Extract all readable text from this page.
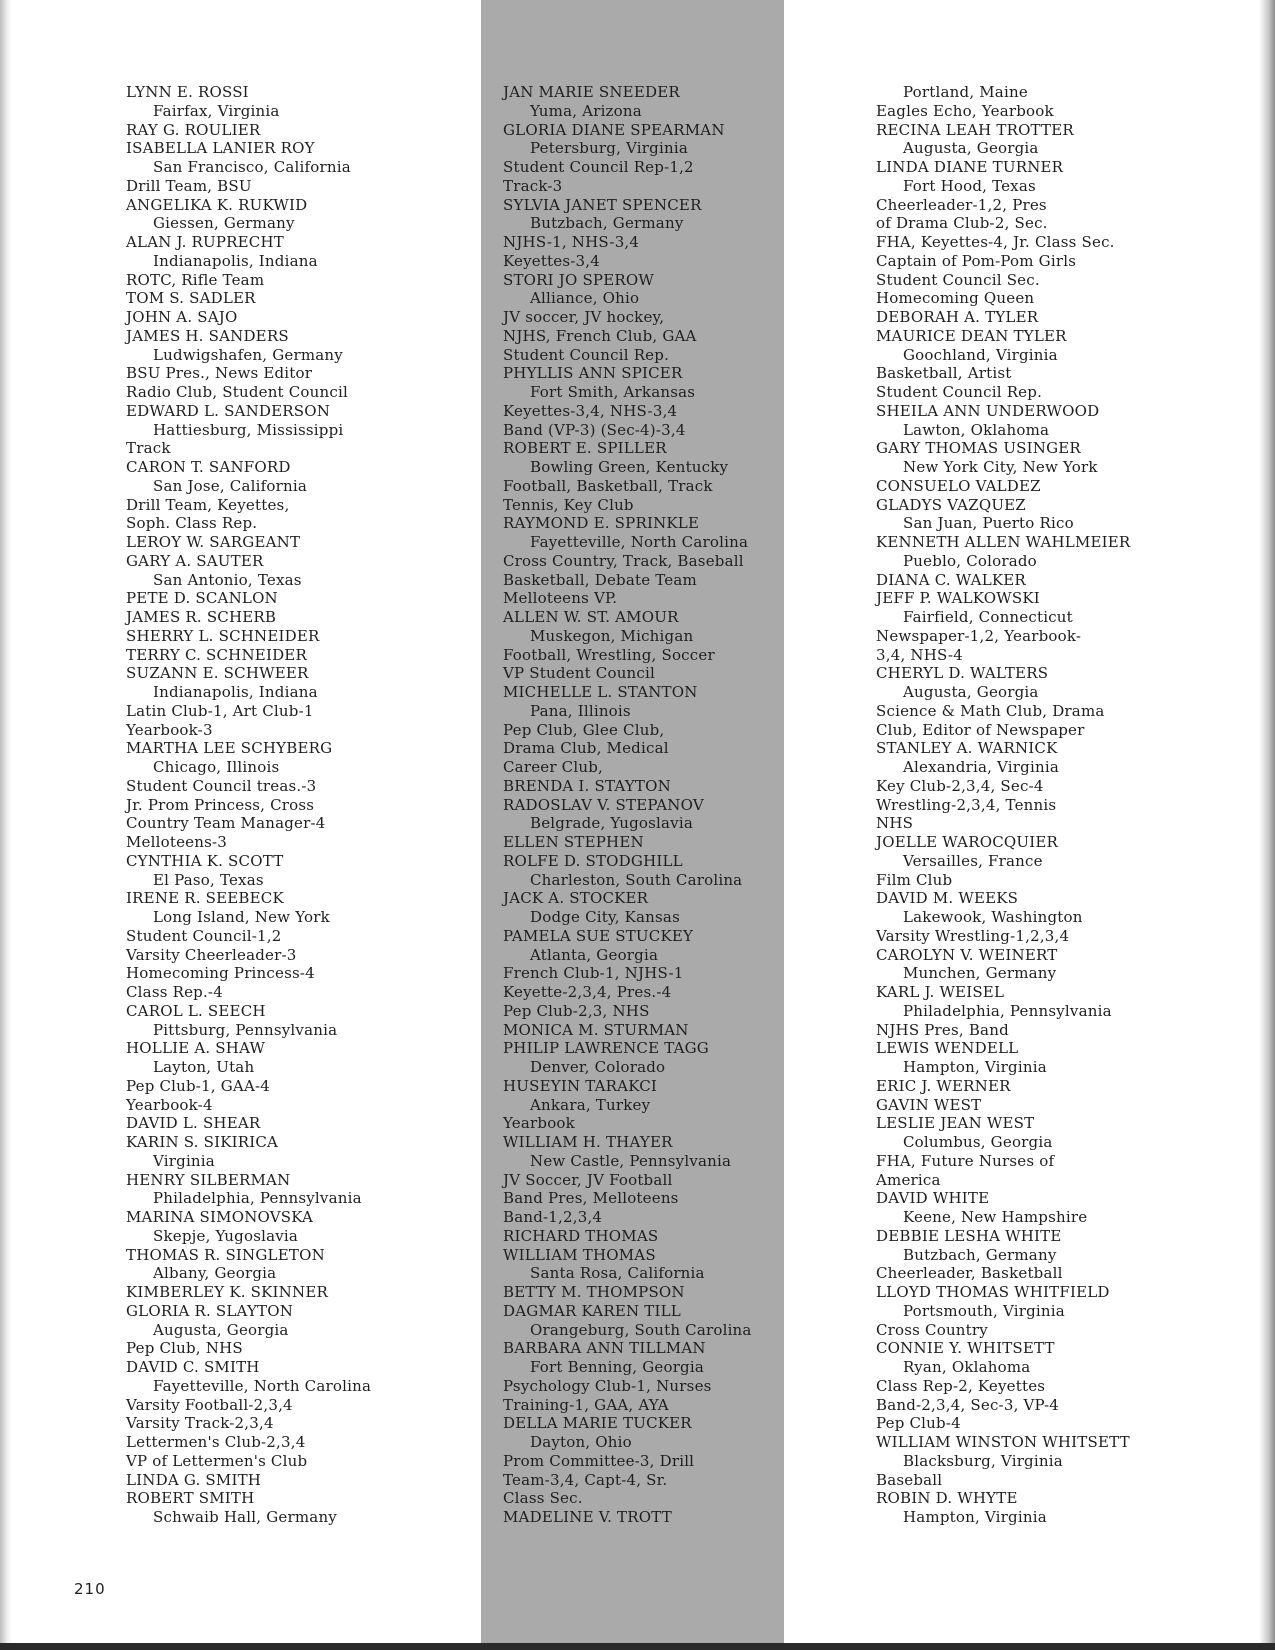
LYNN E. ROSSI
Fairfax, Virginia
RAY G. ROULIER
ISABELLA LANIER ROY
San Francisco, California
Drill Team, BSU
ANGELIKA K. RUKWID
Giessen, Germany
ALAN J. RUPRECHT
Indianapolis, Indiana
ROTC, Rifle Team
TOM S. SADLER
JOHN A. SAJO
JAMES H. SANDERS
Ludwigshafen, Germany
BSU Pres., News Editor
Radio Club, Student Council
EDWARD L. SANDERSON
Hattiesburg, Mississippi
Track
CARON T. SANFORD
San Jose, California
Drill Team, Keyettes,
Soph. Class Rep.
LEROY W. SARGEANT
GARY A. SAUTER
San Antonio, Texas
PETE D. SCANLON
JAMES R. SCHERB
SHERRY L. SCHNEIDER
TERRY C. SCHNEIDER
SUZANN E. SCHWEER
Indianapolis, Indiana
Latin Club-1, Art Club-1
Yearbook-3
MARTHA LEE SCHYBERG
Chicago, Illinois
Student Council treas.-3
Jr. Prom Princess, Cross
Country Team Manager-4
Melloteens-3
CYNTHIA K. SCOTT
El Paso, Texas
IRENE R. SEEBECK
Long Island, New York
Student Council-1,2
Varsity Cheerleader-3
Homecoming Princess-4
Class Rep.-4
CAROL L. SEECH
Pittsburg, Pennsylvania
HOLLIE A. SHAW
Layton, Utah
Pep Club-1, GAA-4
Yearbook-4
DAVID L. SHEAR
KARIN S. SIKIRICA
Virginia
HENRY SILBERMAN
Philadelphia, Pennsylvania
MARINA SIMONOVSKA
Skepje, Yugoslavia
THOMAS R. SINGLETON
Albany, Georgia
KIMBERLEY K. SKINNER
GLORIA R. SLAYTON
Augusta, Georgia
Pep Club, NHS
DAVID C. SMITH
Fayetteville, North Carolina
Varsity Football-2,3,4
Varsity Track-2,3,4
Lettermen's Club-2,3,4
VP of Lettermen's Club
LINDA G. SMITH
ROBERT SMITH
Schwaib Hall, Germany
JAN MARIE SNEEDER
Yuma, Arizona
GLORIA DIANE SPEARMAN
Petersburg, Virginia
Student Council Rep-1,2
Track-3
SYLVIA JANET SPENCER
Butzbach, Germany
NJHS-1, NHS-3,4
Keyettes-3,4
STORI JO SPEROW
Alliance, Ohio
JV soccer, JV hockey,
NJHS, French Club, GAA
Student Council Rep.
PHYLLIS ANN SPICER
Fort Smith, Arkansas
Keyettes-3,4, NHS-3,4
Band (VP-3) (Sec-4)-3,4
ROBERT E. SPILLER
Bowling Green, Kentucky
Football, Basketball, Track
Tennis, Key Club
RAYMOND E. SPRINKLE
Fayetteville, North Carolina
Cross Country, Track, Baseball
Basketball, Debate Team
Melloteens VP.
ALLEN W. ST. AMOUR
Muskegon, Michigan
Football, Wrestling, Soccer
VP Student Council
MICHELLE L. STANTON
Pana, Illinois
Pep Club, Glee Club,
Drama Club, Medical
Career Club,
BRENDA I. STAYTON
RADOSLAV V. STEPANOV
Belgrade, Yugoslavia
ELLEN STEPHEN
ROLFE D. STODGHILL
Charleston, South Carolina
JACK A. STOCKER
Dodge City, Kansas
PAMELA SUE STUCKEY
Atlanta, Georgia
French Club-1, NJHS-1
Keyette-2,3,4, Pres.-4
Pep Club-2,3, NHS
MONICA M. STURMAN
PHILIP LAWRENCE TAGG
Denver, Colorado
HUSEYIN TARAKCI
Ankara, Turkey
Yearbook
WILLIAM H. THAYER
New Castle, Pennsylvania
JV Soccer, JV Football
Band Pres, Melloteens
Band-1,2,3,4
RICHARD THOMAS
WILLIAM THOMAS
Santa Rosa, California
BETTY M. THOMPSON
DAGMAR KAREN TILL
Orangeburg, South Carolina
BARBARA ANN TILLMAN
Fort Benning, Georgia
Psychology Club-1, Nurses
Training-1, GAA, AYA
DELLA MARIE TUCKER
Dayton, Ohio
Prom Committee-3, Drill
Team-3,4, Capt-4, Sr.
Class Sec.
MADELINE V. TROTT
Portland, Maine
Eagles Echo, Yearbook
RECINA LEAH TROTTER
Augusta, Georgia
LINDA DIANE TURNER
Fort Hood, Texas
Cheerleader-1,2, Pres
of Drama Club-2, Sec.
FHA, Keyettes-4, Jr. Class Sec.
Captain of Pom-Pom Girls
Student Council Sec.
Homecoming Queen
DEBORAH A. TYLER
MAURICE DEAN TYLER
Goochland, Virginia
Basketball, Artist
Student Council Rep.
SHEILA ANN UNDERWOOD
Lawton, Oklahoma
GARY THOMAS USINGER
New York City, New York
CONSUELO VALDEZ
GLADYS VAZQUEZ
San Juan, Puerto Rico
KENNETH ALLEN WAHLMEIER
Pueblo, Colorado
DIANA C. WALKER
JEFF P. WALKOWSKI
Fairfield, Connecticut
Newspaper-1,2, Yearbook-
3,4, NHS-4
CHERYL D. WALTERS
Augusta, Georgia
Science & Math Club, Drama
Club, Editor of Newspaper
STANLEY A. WARNICK
Alexandria, Virginia
Key Club-2,3,4, Sec-4
Wrestling-2,3,4, Tennis
NHS
JOELLE WAROCQUIER
Versailles, France
Film Club
DAVID M. WEEKS
Lakewook, Washington
Varsity Wrestling-1,2,3,4
CAROLYN V. WEINERT
Munchen, Germany
KARL J. WEISEL
Philadelphia, Pennsylvania
NJHS Pres, Band
LEWIS WENDELL
Hampton, Virginia
ERIC J. WERNER
GAVIN WEST
LESLIE JEAN WEST
Columbus, Georgia
FHA, Future Nurses of
America
DAVID WHITE
Keene, New Hampshire
DEBBIE LESHA WHITE
Butzbach, Germany
Cheerleader, Basketball
LLOYD THOMAS WHITFIELD
Portsmouth, Virginia
Cross Country
CONNIE Y. WHITSETT
Ryan, Oklahoma
Class Rep-2, Keyettes
Band-2,3,4, Sec-3, VP-4
Pep Club-4
WILLIAM WINSTON WHITSETT
Blacksburg, Virginia
Baseball
ROBIN D. WHYTE
Hampton, Virginia
210
